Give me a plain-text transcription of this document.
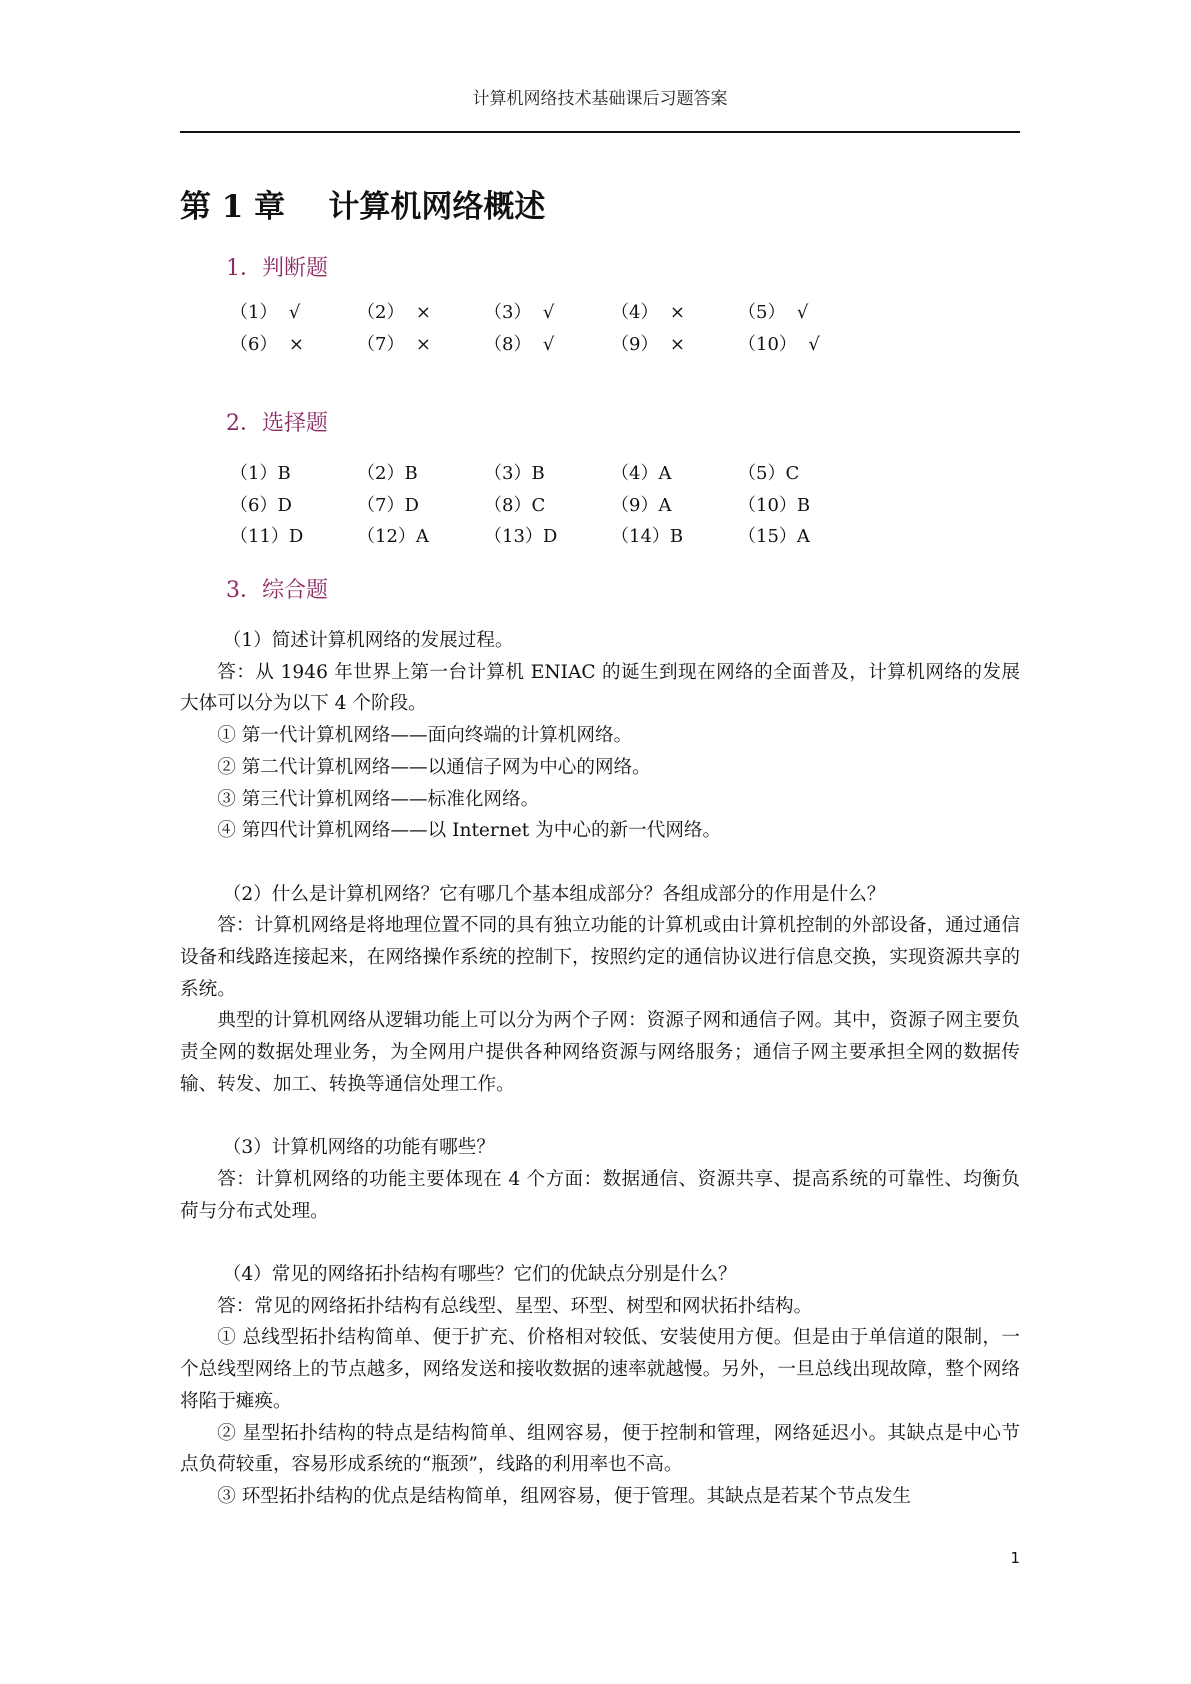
计算机网络技术基础课后习题答案
第 1 章    计算机网络概述
1．判断题
（1）  √	（2）  ×	（3）  √	（4）  ×	（5）  √
（6）  ×	（7）  ×	（8）  √	（9）  ×	（10）  √
2．选择题
（1）B	（2）B	（3）B	（4）A	（5）C
（6）D	（7）D	（8）C	（9）A	（10）B
（11）D	（12）A	（13）D	（14）B	（15）A
3．综合题

（1）简述计算机网络的发展过程。

答：从 1946 年世界上第一台计算机 ENIAC 的诞生到现在网络的全面普及，计算机网络的发展大体可以分为以下 4 个阶段。

① 第一代计算机网络——面向终端的计算机网络。

② 第二代计算机网络——以通信子网为中心的网络。

③ 第三代计算机网络——标准化网络。

④ 第四代计算机网络——以 Internet 为中心的新一代网络。

（2）什么是计算机网络？它有哪几个基本组成部分？各组成部分的作用是什么？

答：计算机网络是将地理位置不同的具有独立功能的计算机或由计算机控制的外部设备，通过通信设备和线路连接起来，在网络操作系统的控制下，按照约定的通信协议进行信息交换，实现资源共享的系统。

典型的计算机网络从逻辑功能上可以分为两个子网：资源子网和通信子网。其中，资源子网主要负责全网的数据处理业务，为全网用户提供各种网络资源与网络服务；通信子网主要承担全网的数据传输、转发、加工、转换等通信处理工作。

（3）计算机网络的功能有哪些？

答：计算机网络的功能主要体现在 4 个方面：数据通信、资源共享、提高系统的可靠性、均衡负荷与分布式处理。

（4）常见的网络拓扑结构有哪些？它们的优缺点分别是什么？

答：常见的网络拓扑结构有总线型、星型、环型、树型和网状拓扑结构。

① 总线型拓扑结构简单、便于扩充、价格相对较低、安装使用方便。但是由于单信道的限制，一个总线型网络上的节点越多，网络发送和接收数据的速率就越慢。另外，一旦总线出现故障，整个网络将陷于瘫痪。

② 星型拓扑结构的特点是结构简单、组网容易，便于控制和管理，网络延迟小。其缺点是中心节点负荷较重，容易形成系统的“瓶颈”，线路的利用率也不高。

③ 环型拓扑结构的优点是结构简单，组网容易，便于管理。其缺点是若某个节点发生

1
